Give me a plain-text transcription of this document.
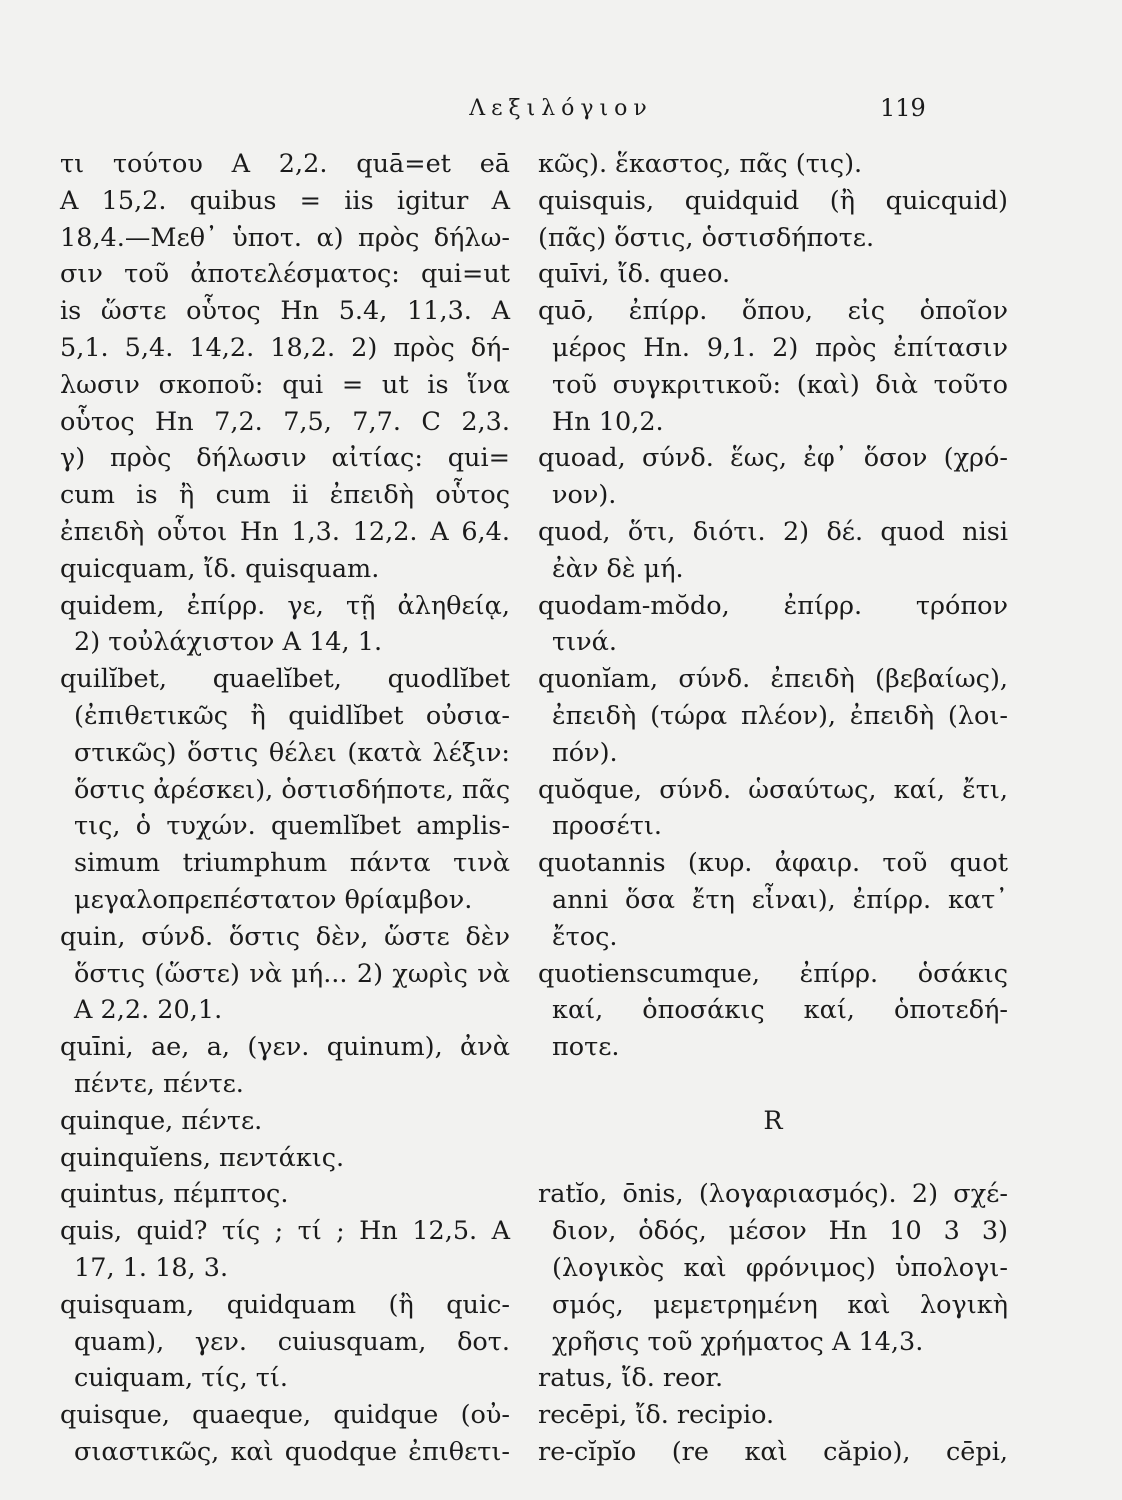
Λεξιλόγιον	119
τι τούτου Α 2,2. quā=et eā
Α 15,2. quibus = iis igitur Α
18,4.—Μεθ᾽ ὑποτ. α) πρὸς δήλω-
σιν τοῦ ἀποτελέσματος: qui=ut
is ὥστε οὗτος Ηn 5.4, 11,3. Α
5,1. 5,4. 14,2. 18,2. 2) πρὸς δή-
λωσιν σκοποῦ: qui = ut is ἵνα
οὗτος Ηn 7,2. 7,5, 7,7. C 2,3.
γ) πρὸς δήλωσιν αἰτίας: qui=
cum is ἢ cum ii ἐπειδὴ οὗτος
ἐπειδὴ οὗτοι Ηn 1,3. 12,2. Α 6,4.
quicquam, ἴδ. quisquam.
quidem, ἐπίρρ. γε, τῇ ἀληθείᾳ,
2) τοὐλάχιστον Α 14, 1.
quilĭbet, quaelĭbet, quodlĭbet
(ἐπιθετικῶς ἢ quidlĭbet οὐσια-
στικῶς) ὅστις θέλει (κατὰ λέξιν:
ὅστις ἀρέσκει), ὁστισδήποτε, πᾶς
τις, ὁ τυχών. quemlĭbet amplis-
simum triumphum πάντα τινὰ
μεγαλοπρεπέστατον θρίαμβον.
quin, σύνδ. ὅστις δὲν, ὥστε δὲν
ὅστις (ὥστε) νὰ μή... 2) χωρὶς νὰ
Α 2,2. 20,1.
quīni, ae, a, (γεν. quinum), ἀνὰ
πέντε, πέντε.
quinque, πέντε.
quinquĭens, πεντάκις.
quintus, πέμπτος.
quis, quid? τίς ; τί ; Ηn 12,5. Α
17, 1. 18, 3.
quisquam, quidquam (ἢ quic-
quam), γεν. cuiusquam, δοτ.
cuiquam, τίς, τί.
quisque, quaeque, quidque (οὐ-
σιαστικῶς, καὶ quodque ἐπιθετι-
κῶς). ἕκαστος, πᾶς (τις).
quisquis, quidquid (ἢ quicquid)
(πᾶς) ὅστις, ὁστισδήποτε.
quīvi, ἴδ. queo.
quō, ἐπίρρ. ὅπου, εἰς ὁποῖον
μέρος Ηn. 9,1. 2) πρὸς ἐπίτασιν
τοῦ συγκριτικοῦ: (καὶ) διὰ τοῦτο
Ηn 10,2.
quoad, σύνδ. ἕως, ἐφ᾽ ὅσον (χρό-
νον).
quod, ὅτι, διότι. 2) δέ. quod nisi
ἐὰν δὲ μή.
quodam-mŏdo, ἐπίρρ. τρόπον
τινά.
quonĭam, σύνδ. ἐπειδὴ (βεβαίως),
ἐπειδὴ (τώρα πλέον), ἐπειδὴ (λοι-
πόν).
quŏque, σύνδ. ὡσαύτως, καί, ἔτι,
προσέτι.
quotannis (κυρ. ἀφαιρ. τοῦ quot
anni ὅσα ἔτη εἶναι), ἐπίρρ. κατ᾽
ἔτος.
quotienscumque, ἐπίρρ. ὁσάκις
καί, ὁποσάκις καί, ὁποτεδή-
ποτε.
R
ratĭo, ōnis, (λογαριασμός). 2) σχέ-
διον, ὁδός, μέσον Ηn 10 3 3)
(λογικὸς καὶ φρόνιμος) ὑπολογι-
σμός, μεμετρημένη καὶ λογικὴ
χρῆσις τοῦ χρήματος Α 14,3.
ratus, ἴδ. reor.
recēpi, ἴδ. recipio.
re-cĭpĭo (re καὶ căpio), cēpi,
